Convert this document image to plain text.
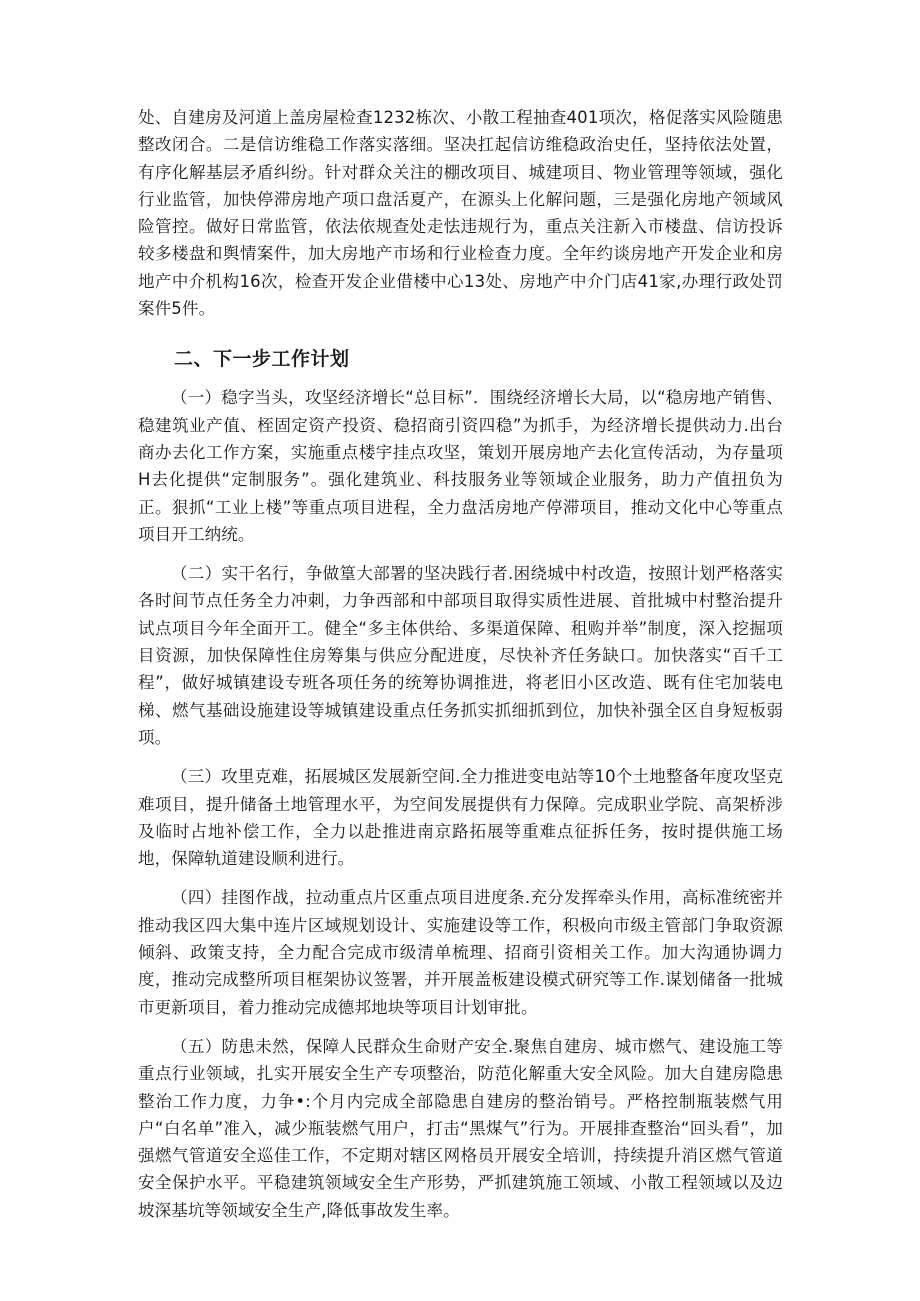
处、自建房及河道上盖房屋检查1232栋次、小散工程抽查401项次，格促落实风险随患整改闭合。二是信访维稳工作落实落细。坚决扛起信访维稳政治史任，坚持依法处置，有序化解基层矛盾纠纷。针对群众关注的棚改项目、城建项目、物业管理等领域，强化行业监管，加快停滞房地产项口盘活夏产，在源头上化解问题，三是强化房地产领域风险管控。做好日常监管，依法依规查处走怯违规行为，重点关注新入市楼盘、信访投诉较多楼盘和舆情案件，加大房地产市场和行业检查力度。全年约谈房地产开发企业和房地产中介机构16次，检查开发企业借楼中心13处、房地产中介门店41家,办理行政处罚案件5件。

二、下一步工作计划

（一）稳字当头，攻坚经济增长“总目标”．围绕经济增长大局，以“稳房地产销售、稳建筑业产值、桎固定资产投资、稳招商引资四稳”为抓手，为经济增长提供动力.出台商办去化工作方案，实施重点楼宇挂点攻坚，策划开展房地产去化宣传活动，为存量项H去化提供“定制服务”。强化建筑业、科技服务业等领域企业服务，助力产值扭负为正。狠抓“工业上楼”等重点项目进程，全力盘活房地产停滞项目，推动文化中心等重点项目开工纳统。

（二）实干名行，争做篁大部署的坚决践行者.困绕城中村改造，按照计划严格落实各时间节点任务全力冲刺，力争西部和中部项目取得实质性进展、首批城中村整治提升试点项目今年全面开工。健全“多主体供给、多渠道保障、租购并举”制度，深入挖掘项目资源，加快保障性住房筹集与供应分配进度，尽快补齐任务缺口。加快落实“百千工程”，做好城镇建设专班各项任务的统筹协调推进，将老旧小区改造、既有住宅加装电梯、燃气基础设施建设等城镇建设重点任务抓实抓细抓到位，加快补强全区自身短板弱项。

（三）攻里克难，拓展城区发展新空间.全力推进变电站等10个土地整备年度攻坚克难项目，提升储备土地管理水平，为空间发展提供有力保障。完成职业学院、高架桥涉及临时占地补偿工作，全力以赴推进南京路拓展等重难点征拆任务，按时提供施工场地，保障轨道建设顺利进行。

（四）挂图作战，拉动重点片区重点项目进度条.充分发挥牵头作用，高标准统密并推动我区四大集中连片区域规划设计、实施建设等工作，积极向市级主管部门争取资源倾斜、政策支持，全力配合完成市级清单梳理、招商引资相关工作。加大沟通协调力度，推动完成整所项目框架协议签署，并开展盖板建设模式研究等工作.谋划储备一批城市更新项目，着力推动完成德邦地块等项目计划审批。

（五）防患未然，保障人民群众生命财产安全.聚焦自建房、城市燃气、建设施工等重点行业领域，扎实开展安全生产专项整治，防范化解重大安全风险。加大自建房隐患整治工作力度，力争•:个月内完成全部隐患自建房的整治销号。严格控制瓶装燃气用户“白名单”准入，减少瓶装燃气用户，打击“黑煤气”行为。开展排查整治“回头看”，加强燃气管道安全巡佳工作，不定期对辖区网格员开展安全培训，持续提升消区燃气管道安全保护水平。平稳建筑领域安全生产形势，严抓建筑施工领域、小散工程领域以及边坡深基坑等领域安全生产,降低事故发生率。
